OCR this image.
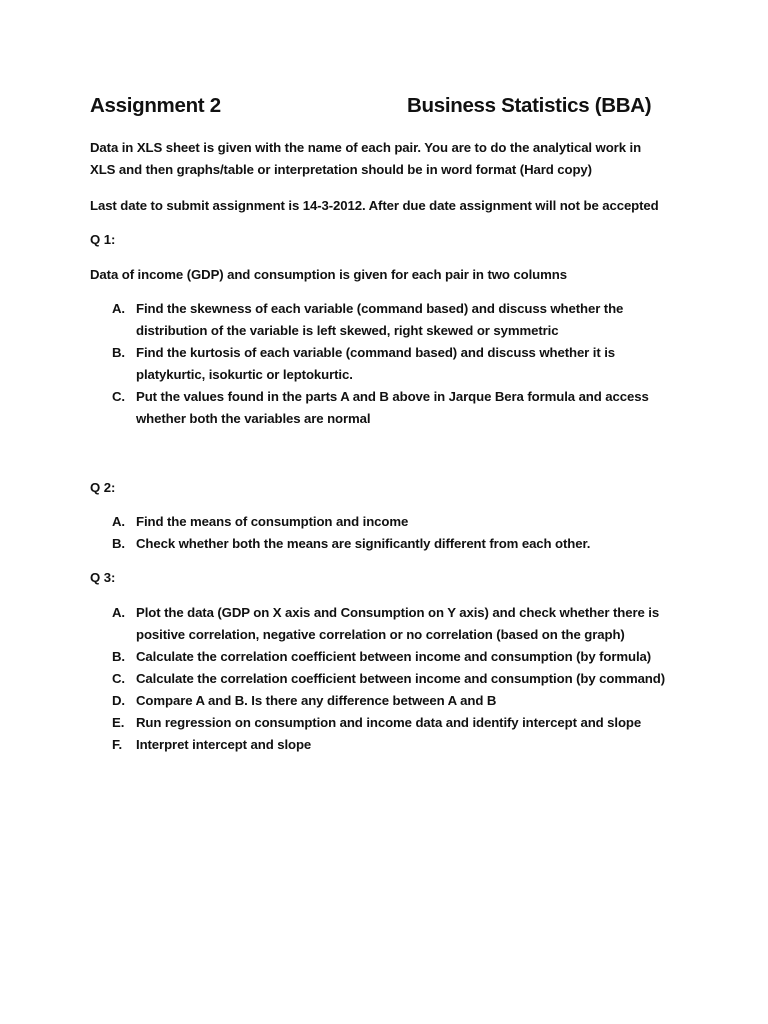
Assignment 2	Business Statistics (BBA)
Data in XLS sheet is given with the name of each pair. You are to do the analytical work in
XLS and then graphs/table or interpretation should be in word format (Hard copy)
Last date to submit assignment is 14-3-2012. After due date assignment will not be accepted
Q 1:
Data of income (GDP) and consumption is given for each pair in two columns
A. Find the skewness of each variable (command based) and discuss whether the
distribution of the variable is left skewed, right skewed or symmetric
B. Find the kurtosis of each variable (command based) and discuss whether it is
platykurtic, isokurtic or leptokurtic.
C. Put the values found in the parts A and B above in Jarque Bera formula and access
whether both the variables are normal
Q 2:
A. Find the means of consumption and income
B. Check whether both the means are significantly different from each other.
Q 3:
A. Plot the data (GDP on X axis and Consumption on Y axis) and check whether there is
positive correlation, negative correlation or no correlation (based on the graph)
B. Calculate the correlation coefficient between income and consumption (by formula)
C. Calculate the correlation coefficient between income and consumption (by command)
D. Compare A and B. Is there any difference between A and B
E. Run regression on consumption and income data and identify intercept and slope
F. Interpret intercept and slope
